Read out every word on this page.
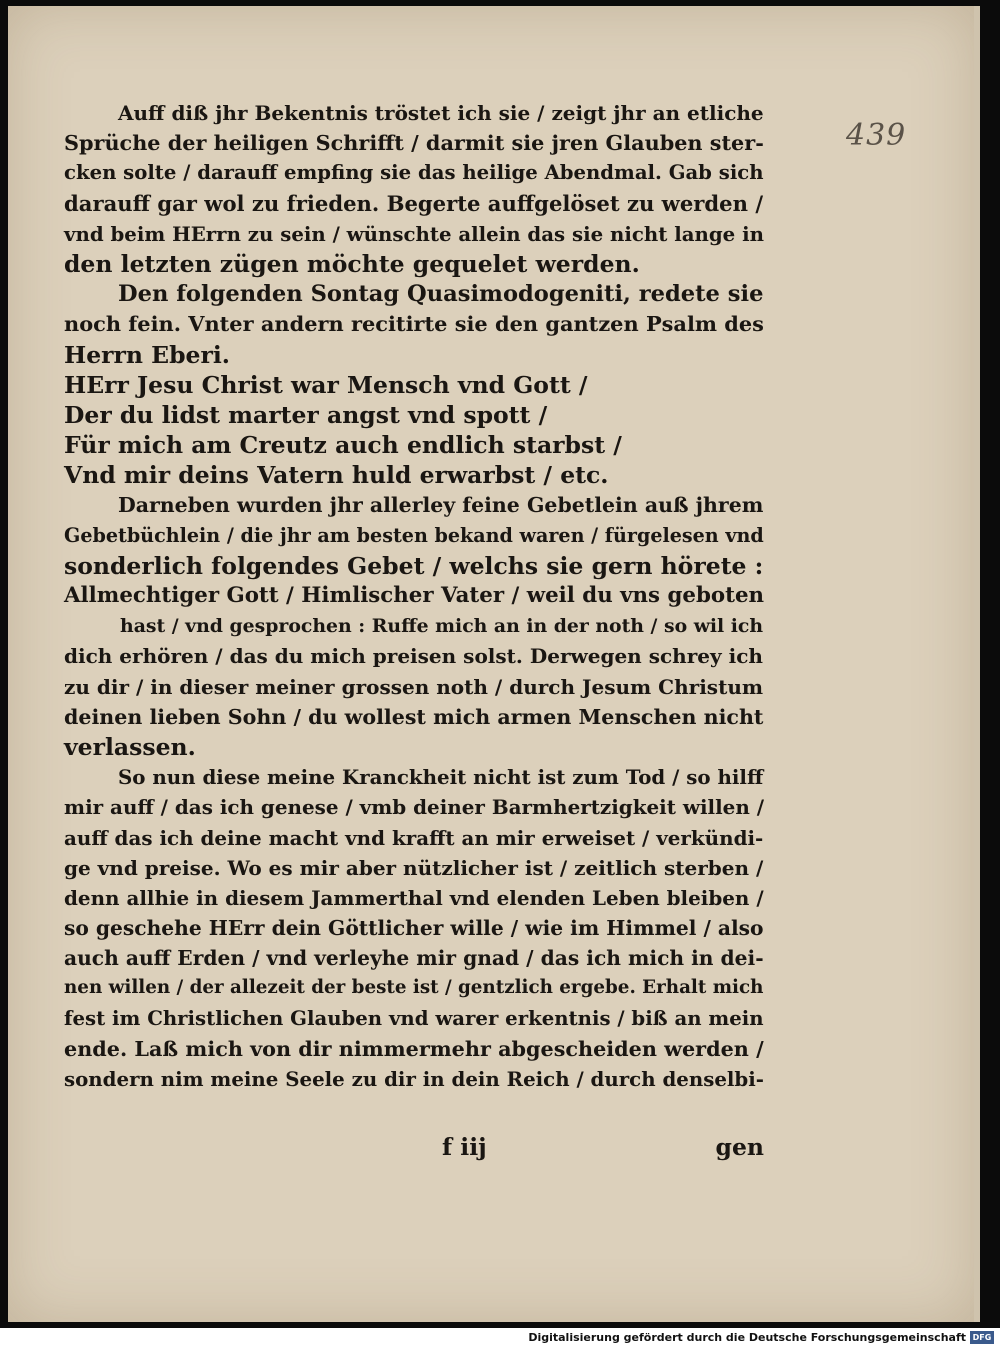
439
Auff diß jhr Bekentnis tröstet ich sie / zeigt jhr an etliche
Sprüche der heiligen Schrifft / darmit sie jren Glauben ster-
cken solte / darauff empfing sie das heilige Abendmal. Gab sich
darauff gar wol zu frieden. Begerte auffgelöset zu werden /
vnd beim HErrn zu sein / wünschte allein das sie nicht lange in
den letzten zügen möchte gequelet werden.
Den folgenden Sontag Quasimodogeniti, redete sie
noch fein. Vnter andern recitirte sie den gantzen Psalm des
Herrn Eberi.
HErr Jesu Christ war Mensch vnd Gott /
Der du lidst marter angst vnd spott /
Für mich am Creutz auch endlich starbst /
Vnd mir deins Vatern huld erwarbst / etc.
Darneben wurden jhr allerley feine Gebetlein auß jhrem
Gebetbüchlein / die jhr am besten bekand waren / fürgelesen vnd
sonderlich folgendes Gebet / welchs sie gern hörete :
Allmechtiger Gott / Himlischer Vater / weil du vns geboten
hast / vnd gesprochen : Ruffe mich an in der noth / so wil ich
dich erhören / das du mich preisen solst. Derwegen schrey ich
zu dir / in dieser meiner grossen noth / durch Jesum Christum
deinen lieben Sohn / du wollest mich armen Menschen nicht
verlassen.
So nun diese meine Kranckheit nicht ist zum Tod / so hilff
mir auff / das ich genese / vmb deiner Barmhertzigkeit willen /
auff das ich deine macht vnd krafft an mir erweiset / verkündi-
ge vnd preise. Wo es mir aber nützlicher ist / zeitlich sterben /
denn allhie in diesem Jammerthal vnd elenden Leben bleiben /
so geschehe HErr dein Göttlicher wille / wie im Himmel / also
auch auff Erden / vnd verleyhe mir gnad / das ich mich in dei-
nen willen / der allezeit der beste ist / gentzlich ergebe. Erhalt mich
fest im Christlichen Glauben vnd warer erkentnis / biß an mein
ende. Laß mich von dir nimmermehr abgescheiden werden /
sondern nim meine Seele zu dir in dein Reich / durch denselbi-
f iij	gen
Digitalisierung gefördert durch die Deutsche Forschungsgemeinschaft DFG
